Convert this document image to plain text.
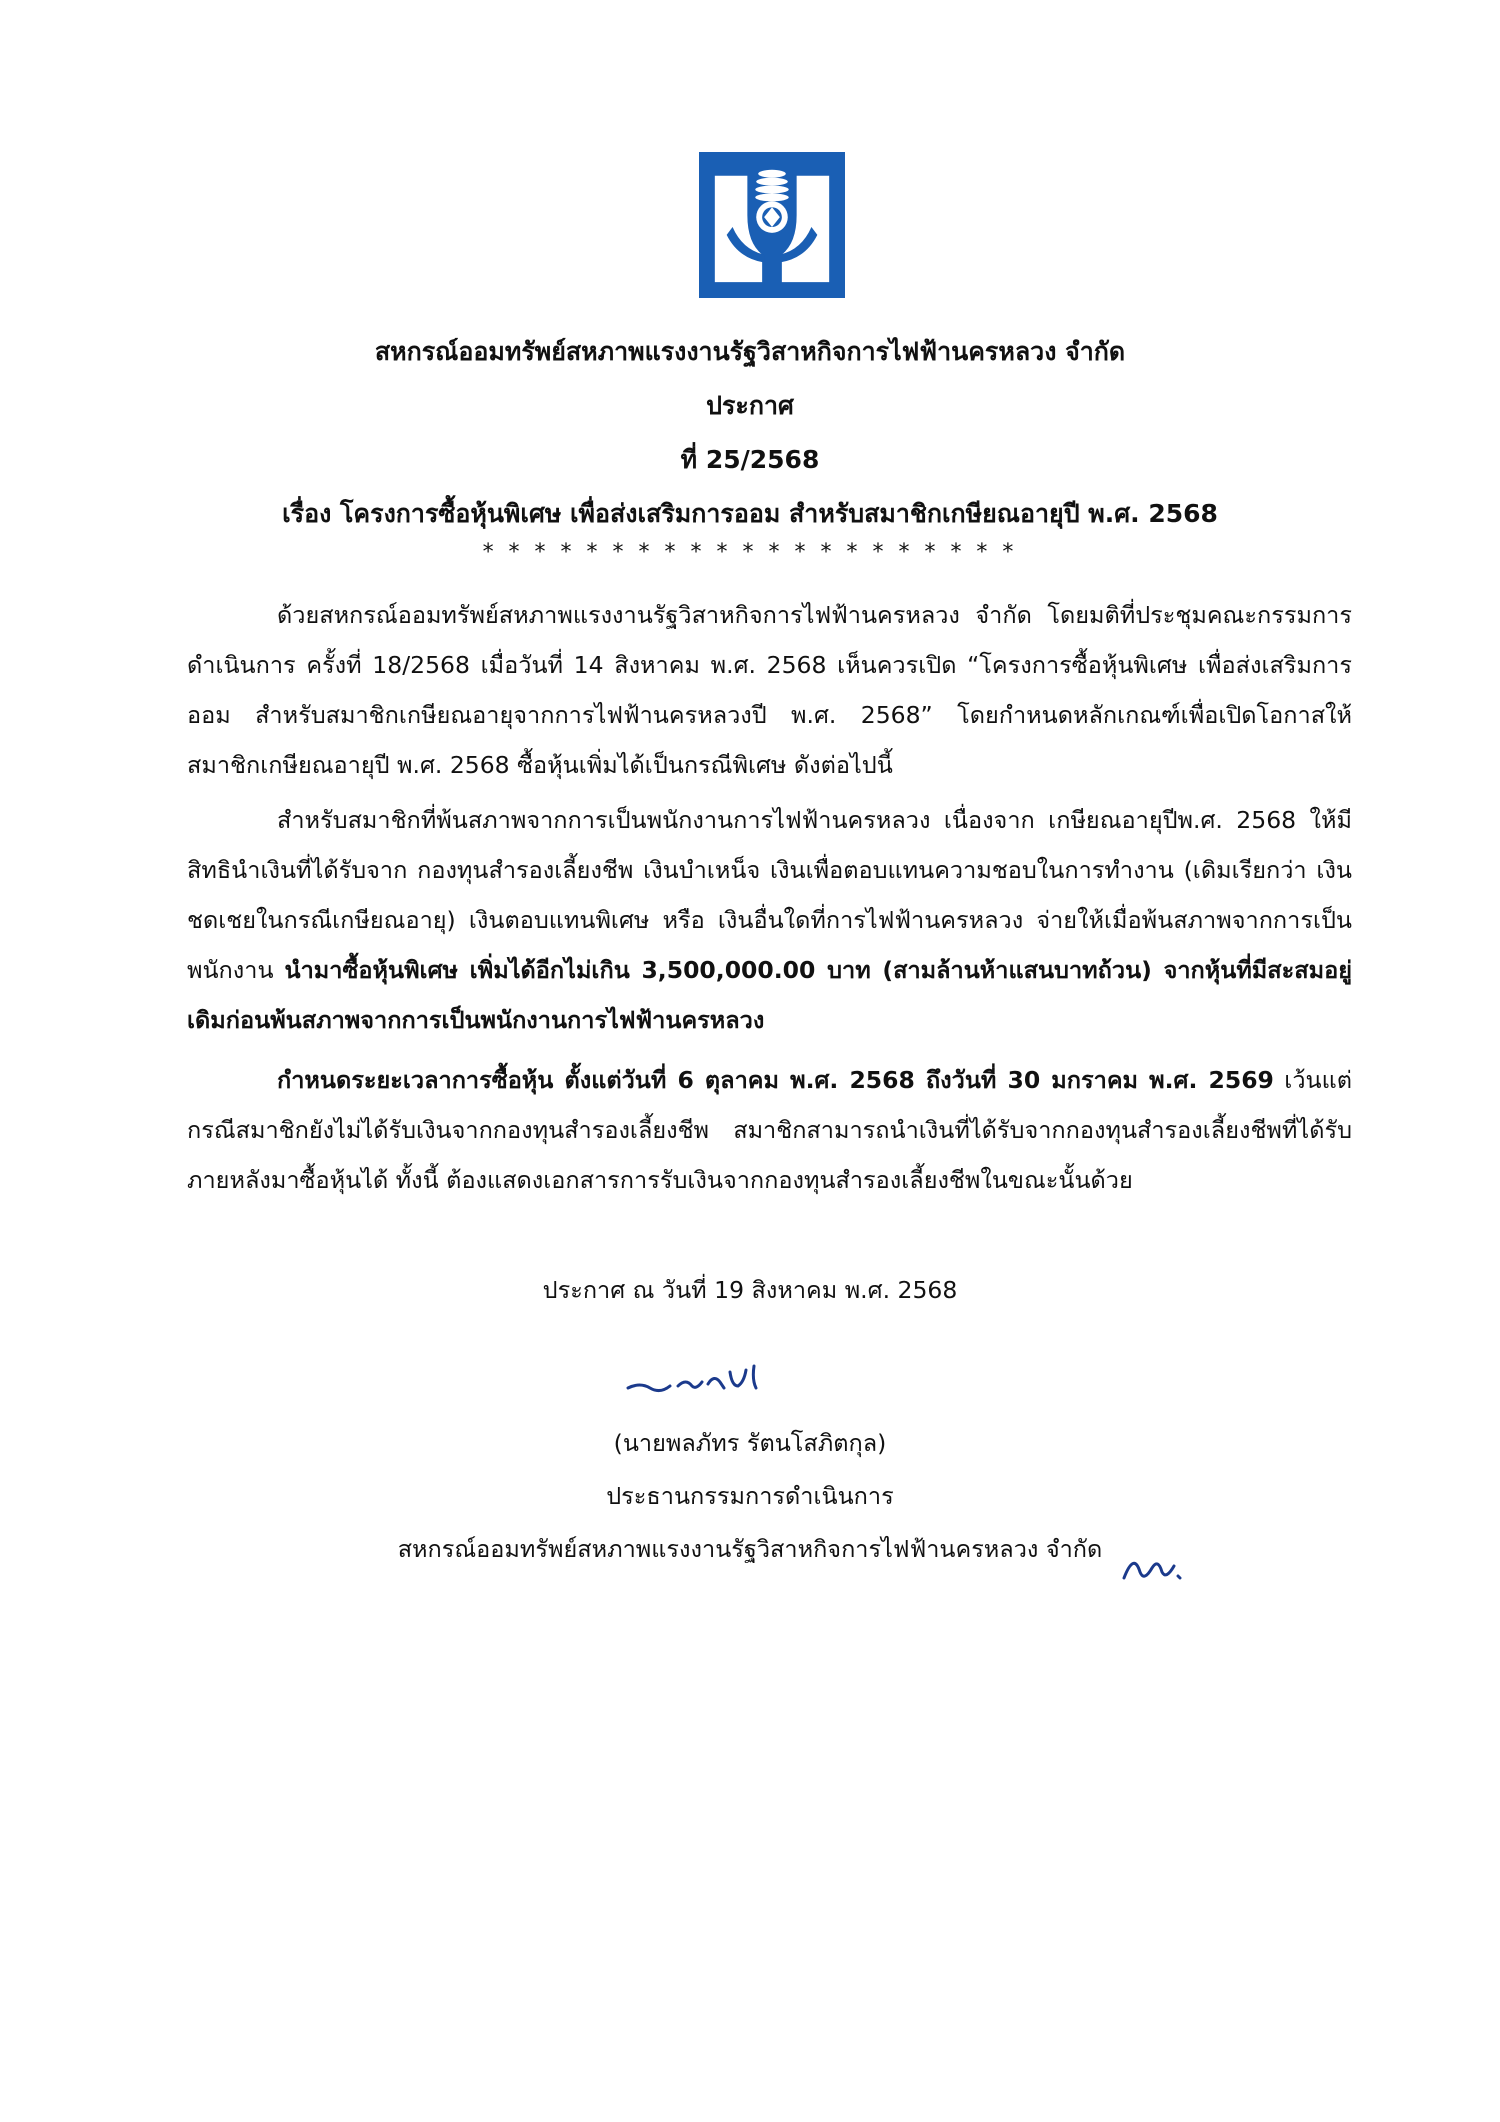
สหกรณ์ออมทรัพย์สหภาพแรงงานรัฐวิสาหกิจการไฟฟ้านครหลวง จำกัด
ประกาศ
ที่ 25/2568
เรื่อง โครงการซื้อหุ้นพิเศษ เพื่อส่งเสริมการออม สำหรับสมาชิกเกษียณอายุปี พ.ศ. 2568
* * * * * * * * * * * * * * * * * * * * *
ด้วยสหกรณ์ออมทรัพย์สหภาพแรงงานรัฐวิสาหกิจการไฟฟ้านครหลวง จำกัด โดยมติที่ประชุมคณะกรรมการดำเนินการ ครั้งที่ 18/2568 เมื่อวันที่ 14 สิงหาคม พ.ศ. 2568 เห็นควรเปิด “โครงการซื้อหุ้นพิเศษ เพื่อส่งเสริมการออม สำหรับสมาชิกเกษียณอายุจากการไฟฟ้านครหลวงปี พ.ศ. 2568” โดยกำหนดหลักเกณฑ์เพื่อเปิดโอกาสให้สมาชิกเกษียณอายุปี พ.ศ. 2568 ซื้อหุ้นเพิ่มได้เป็นกรณีพิเศษ ดังต่อไปนี้
สำหรับสมาชิกที่พ้นสภาพจากการเป็นพนักงานการไฟฟ้านครหลวง เนื่องจาก เกษียณอายุปีพ.ศ. 2568 ให้มีสิทธินำเงินที่ได้รับจาก กองทุนสำรองเลี้ยงชีพ เงินบำเหน็จ เงินเพื่อตอบแทนความชอบในการทำงาน (เดิมเรียกว่า เงินชดเชยในกรณีเกษียณอายุ) เงินตอบแทนพิเศษ หรือ เงินอื่นใดที่การไฟฟ้านครหลวง จ่ายให้เมื่อพ้นสภาพจากการเป็นพนักงาน นำมาซื้อหุ้นพิเศษ เพิ่มได้อีกไม่เกิน 3,500,000.00 บาท (สามล้านห้าแสนบาทถ้วน) จากหุ้นที่มีสะสมอยู่เดิมก่อนพ้นสภาพจากการเป็นพนักงานการไฟฟ้านครหลวง
กำหนดระยะเวลาการซื้อหุ้น ตั้งแต่วันที่ 6 ตุลาคม พ.ศ. 2568 ถึงวันที่ 30 มกราคม พ.ศ. 2569 เว้นแต่กรณีสมาชิกยังไม่ได้รับเงินจากกองทุนสำรองเลี้ยงชีพ สมาชิกสามารถนำเงินที่ได้รับจากกองทุนสำรองเลี้ยงชีพที่ได้รับภายหลังมาซื้อหุ้นได้ ทั้งนี้ ต้องแสดงเอกสารการรับเงินจากกองทุนสำรองเลี้ยงชีพในขณะนั้นด้วย
ประกาศ ณ วันที่ 19 สิงหาคม พ.ศ. 2568
(นายพลภัทร รัตนโสภิตกุล)
ประธานกรรมการดำเนินการ
สหกรณ์ออมทรัพย์สหภาพแรงงานรัฐวิสาหกิจการไฟฟ้านครหลวง จำกัด
